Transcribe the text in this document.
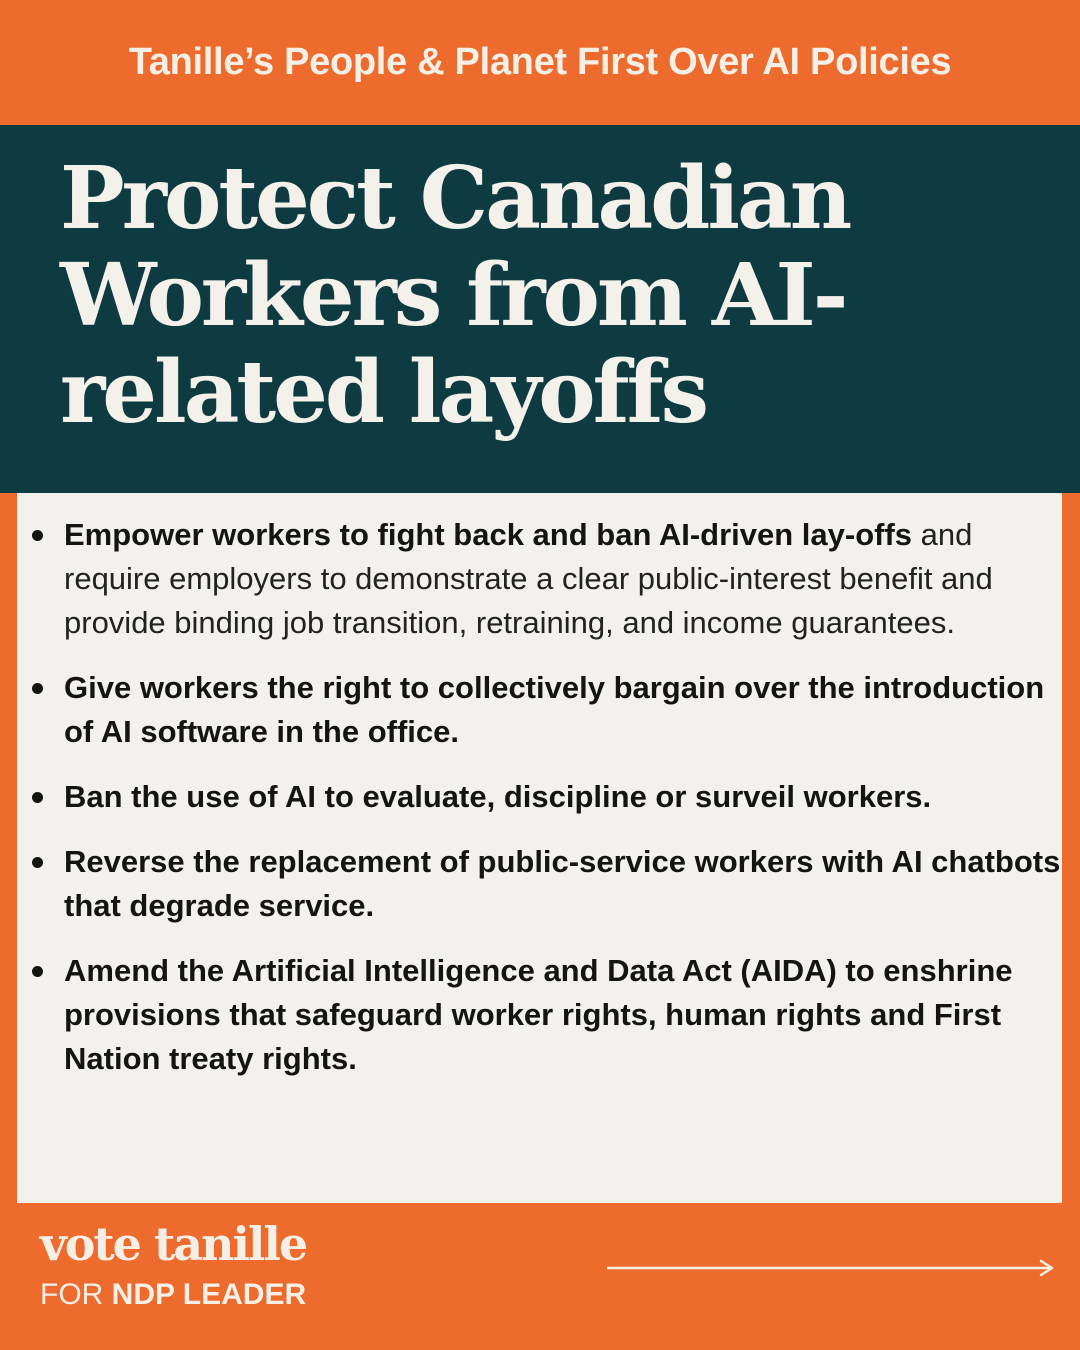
Tanille’s People & Planet First Over AI Policies
Protect Canadian
Workers from AI-
related layoffs
Empower workers to fight back and ban AI-driven lay-offs and require employers to demonstrate a clear public-interest benefit and provide binding job transition, retraining, and income guarantees.
Give workers the right to collectively bargain over the introduction of AI software in the office.
Ban the use of AI to evaluate, discipline or surveil workers.
Reverse the replacement of public-service workers with AI chatbots that degrade service.
Amend the Artificial Intelligence and Data Act (AIDA) to enshrine provisions that safeguard worker rights, human rights and First Nation treaty rights.
vote tanille
FOR NDP LEADER
